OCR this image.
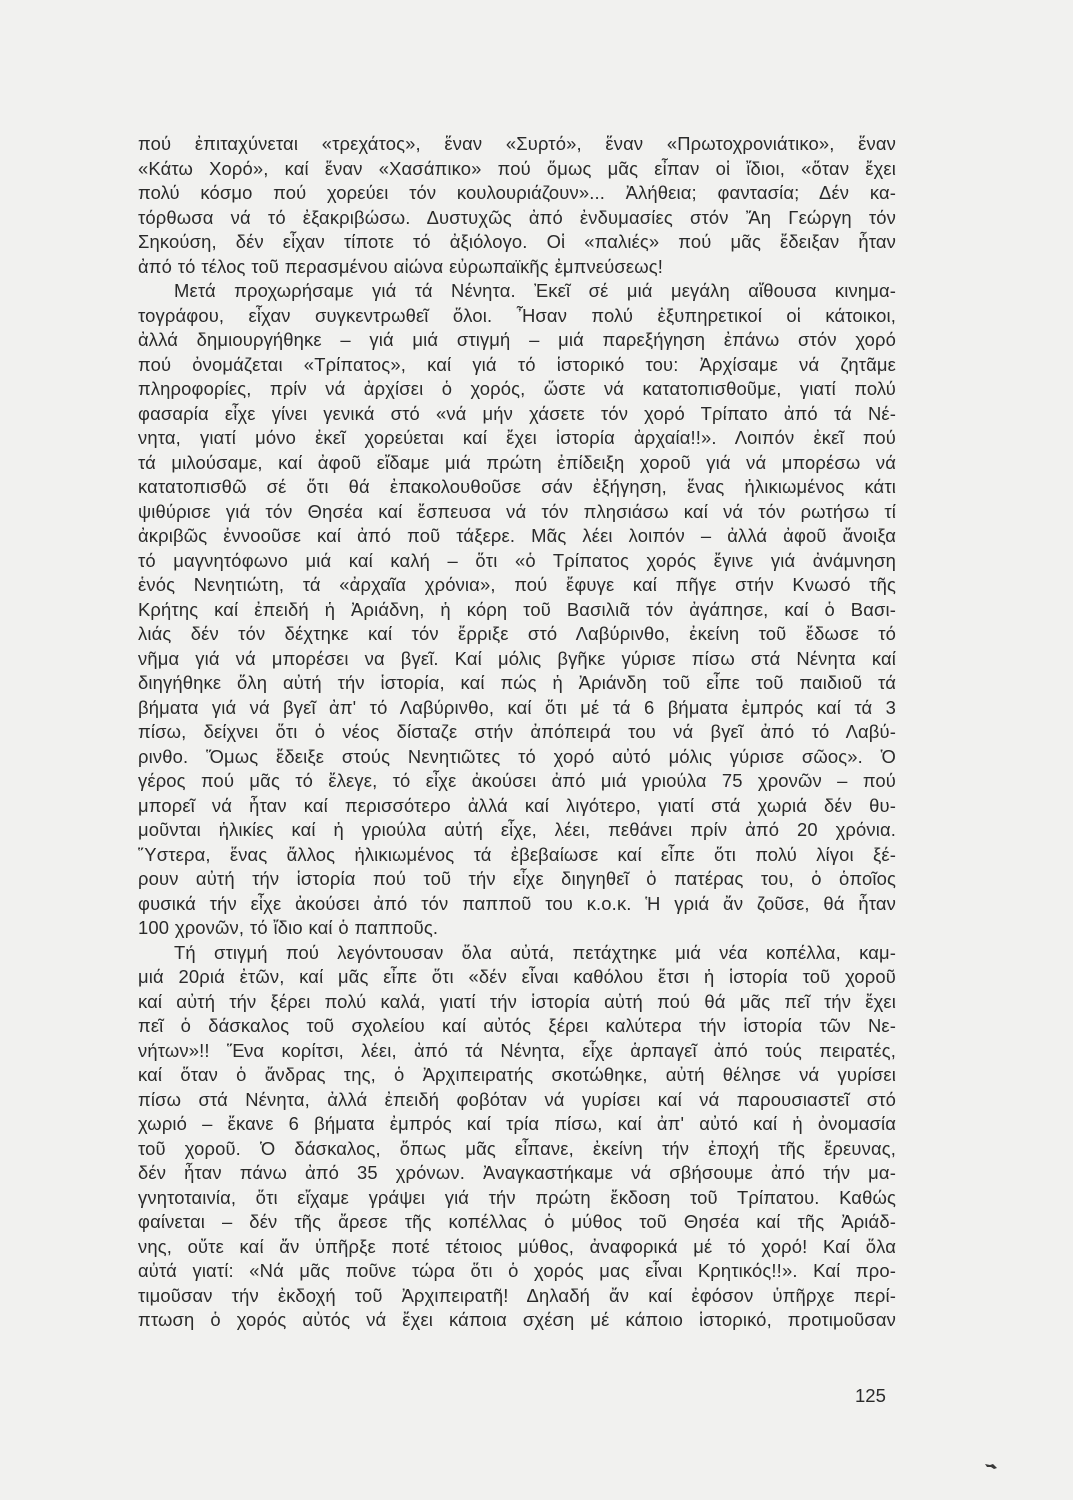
πού ἐπιταχύνεται «τρεχάτος», ἕναν «Συρτό», ἕναν «Πρωτοχρονιάτικο», ἕναν
«Κάτω Χορό», καί ἕναν «Χασάπικο» πού ὅμως μᾶς εἶπαν οἱ ἴδιοι, «ὅταν ἔχει
πολύ κόσμο πού χορεύει τόν κουλουριάζουν»... Ἀλήθεια; φαντασία; Δέν κα-
τόρθωσα νά τό ἐξακριβώσω. Δυστυχῶς ἀπό ἐνδυμασίες στόν Ἄη Γεώργη τόν
Σηκούση, δέν εἶχαν τίποτε τό ἀξιόλογο. Οἱ «παλιές» πού μᾶς ἔδειξαν ἦταν
ἀπό τό τέλος τοῦ περασμένου αἰώνα εὐρωπαϊκῆς ἐμπνεύσεως!
Μετά προχωρήσαμε γιά τά Νένητα. Ἐκεῖ σέ μιά μεγάλη αἴθουσα κινημα-
τογράφου, εἶχαν συγκεντρωθεῖ ὅλοι. Ἦσαν πολύ ἐξυπηρετικοί οἱ κάτοικοι,
ἀλλά δημιουργήθηκε – γιά μιά στιγμή – μιά παρεξήγηση ἐπάνω στόν χορό
πού ὀνομάζεται «Τρίπατος», καί γιά τό ἱστορικό του: Ἀρχίσαμε νά ζητᾶμε
πληροφορίες, πρίν νά ἀρχίσει ὁ χορός, ὥστε νά κατατοπισθοῦμε, γιατί πολύ
φασαρία εἶχε γίνει γενικά στό «νά μήν χάσετε τόν χορό Τρίπατο ἀπό τά Νέ-
νητα, γιατί μόνο ἐκεῖ χορεύεται καί ἔχει ἱστορία ἀρχαία!!». Λοιπόν ἐκεῖ πού
τά μιλούσαμε, καί ἀφοῦ εἴδαμε μιά πρώτη ἐπίδειξη χοροῦ γιά νά μπορέσω νά
κατατοπισθῶ σέ ὅτι θά ἐπακολουθοῦσε σάν ἐξήγηση, ἕνας ἡλικιωμένος κάτι
ψιθύρισε γιά τόν Θησέα καί ἔσπευσα νά τόν πλησιάσω καί νά τόν ρωτήσω τί
ἀκριβῶς ἐννοοῦσε καί ἀπό ποῦ τάξερε. Μᾶς λέει λοιπόν – ἀλλά ἀφοῦ ἄνοιξα
τό μαγνητόφωνο μιά καί καλή – ὅτι «ὁ Τρίπατος χορός ἔγινε γιά ἀνάμνηση
ἑνός Νενητιώτη, τά «ἀρχαῖα χρόνια», πού ἔφυγε καί πῆγε στήν Κνωσό τῆς
Κρήτης καί ἐπειδή ἡ Ἀριάδνη, ἡ κόρη τοῦ Βασιλιᾶ τόν ἀγάπησε, καί ὁ Βασι-
λιάς δέν τόν δέχτηκε καί τόν ἔρριξε στό Λαβύρινθο, ἐκείνη τοῦ ἔδωσε τό
νῆμα γιά νά μπορέσει να βγεῖ. Καί μόλις βγῆκε γύρισε πίσω στά Νένητα καί
διηγήθηκε ὅλη αὐτή τήν ἱστορία, καί πώς ἡ Ἀριάνδη τοῦ εἶπε τοῦ παιδιοῦ τά
βήματα γιά νά βγεῖ ἀπ' τό Λαβύρινθο, καί ὅτι μέ τά 6 βήματα ἐμπρός καί τά 3
πίσω, δείχνει ὅτι ὁ νέος δίσταζε στήν ἀπόπειρά του νά βγεῖ ἀπό τό Λαβύ-
ρινθο. Ὅμως ἔδειξε στούς Νενητιῶτες τό χορό αὐτό μόλις γύρισε σῶος». Ὁ
γέρος πού μᾶς τό ἔλεγε, τό εἶχε ἀκούσει ἀπό μιά γριούλα 75 χρονῶν – πού
μπορεῖ νά ἦταν καί περισσότερο ἀλλά καί λιγότερο, γιατί στά χωριά δέν θυ-
μοῦνται ἡλικίες καί ἡ γριούλα αὐτή εἶχε, λέει, πεθάνει πρίν ἀπό 20 χρόνια.
Ὕστερα, ἕνας ἄλλος ἡλικιωμένος τά ἐβεβαίωσε καί εἶπε ὅτι πολύ λίγοι ξέ-
ρουν αὐτή τήν ἱστορία πού τοῦ τήν εἶχε διηγηθεῖ ὁ πατέρας του, ὁ ὁποῖος
φυσικά τήν εἶχε ἀκούσει ἀπό τόν παπποῦ του κ.ο.κ. Ἡ γριά ἄν ζοῦσε, θά ἦταν
100 χρονῶν, τό ἴδιο καί ὁ παπποῦς.
Τή στιγμή πού λεγόντουσαν ὅλα αὐτά, πετάχτηκε μιά νέα κοπέλλα, καμ-
μιά 20ριά ἐτῶν, καί μᾶς εἶπε ὅτι «δέν εἶναι καθόλου ἔτσι ἡ ἱστορία τοῦ χοροῦ
καί αὐτή τήν ξέρει πολύ καλά, γιατί τήν ἱστορία αὐτή πού θά μᾶς πεῖ τήν ἔχει
πεῖ ὁ δάσκαλος τοῦ σχολείου καί αὐτός ξέρει καλύτερα τήν ἱστορία τῶν Νε-
νήτων»!! Ἕνα κορίτσι, λέει, ἀπό τά Νένητα, εἶχε ἁρπαγεῖ ἀπό τούς πειρατές,
καί ὅταν ὁ ἄνδρας της, ὁ Ἀρχιπειρατής σκοτώθηκε, αὐτή θέλησε νά γυρίσει
πίσω στά Νένητα, ἀλλά ἐπειδή φοβόταν νά γυρίσει καί νά παρουσιαστεῖ στό
χωριό – ἔκανε 6 βήματα ἐμπρός καί τρία πίσω, καί ἀπ' αὐτό καί ἡ ὀνομασία
τοῦ χοροῦ. Ὁ δάσκαλος, ὅπως μᾶς εἶπανε, ἐκείνη τήν ἐποχή τῆς ἔρευνας,
δέν ἦταν πάνω ἀπό 35 χρόνων. Ἀναγκαστήκαμε νά σβήσουμε ἀπό τήν μα-
γνητοταινία, ὅτι εἴχαμε γράψει γιά τήν πρώτη ἔκδοση τοῦ Τρίπατου. Καθώς
φαίνεται – δέν τῆς ἄρεσε τῆς κοπέλλας ὁ μύθος τοῦ Θησέα καί τῆς Ἀριάδ-
νης, οὔτε καί ἄν ὑπῆρξε ποτέ τέτοιος μύθος, ἀναφορικά μέ τό χορό! Καί ὅλα
αὐτά γιατί: «Νά μᾶς ποῦνε τώρα ὅτι ὁ χορός μας εἶναι Κρητικός!!». Καί προ-
τιμοῦσαν τήν ἐκδοχή τοῦ Ἀρχιπειρατῆ! Δηλαδή ἄν καί ἐφόσον ὑπῆρχε περί-
πτωση ὁ χορός αὐτός νά ἔχει κάποια σχέση μέ κάποιο ἱστορικό, προτιμοῦσαν
125
